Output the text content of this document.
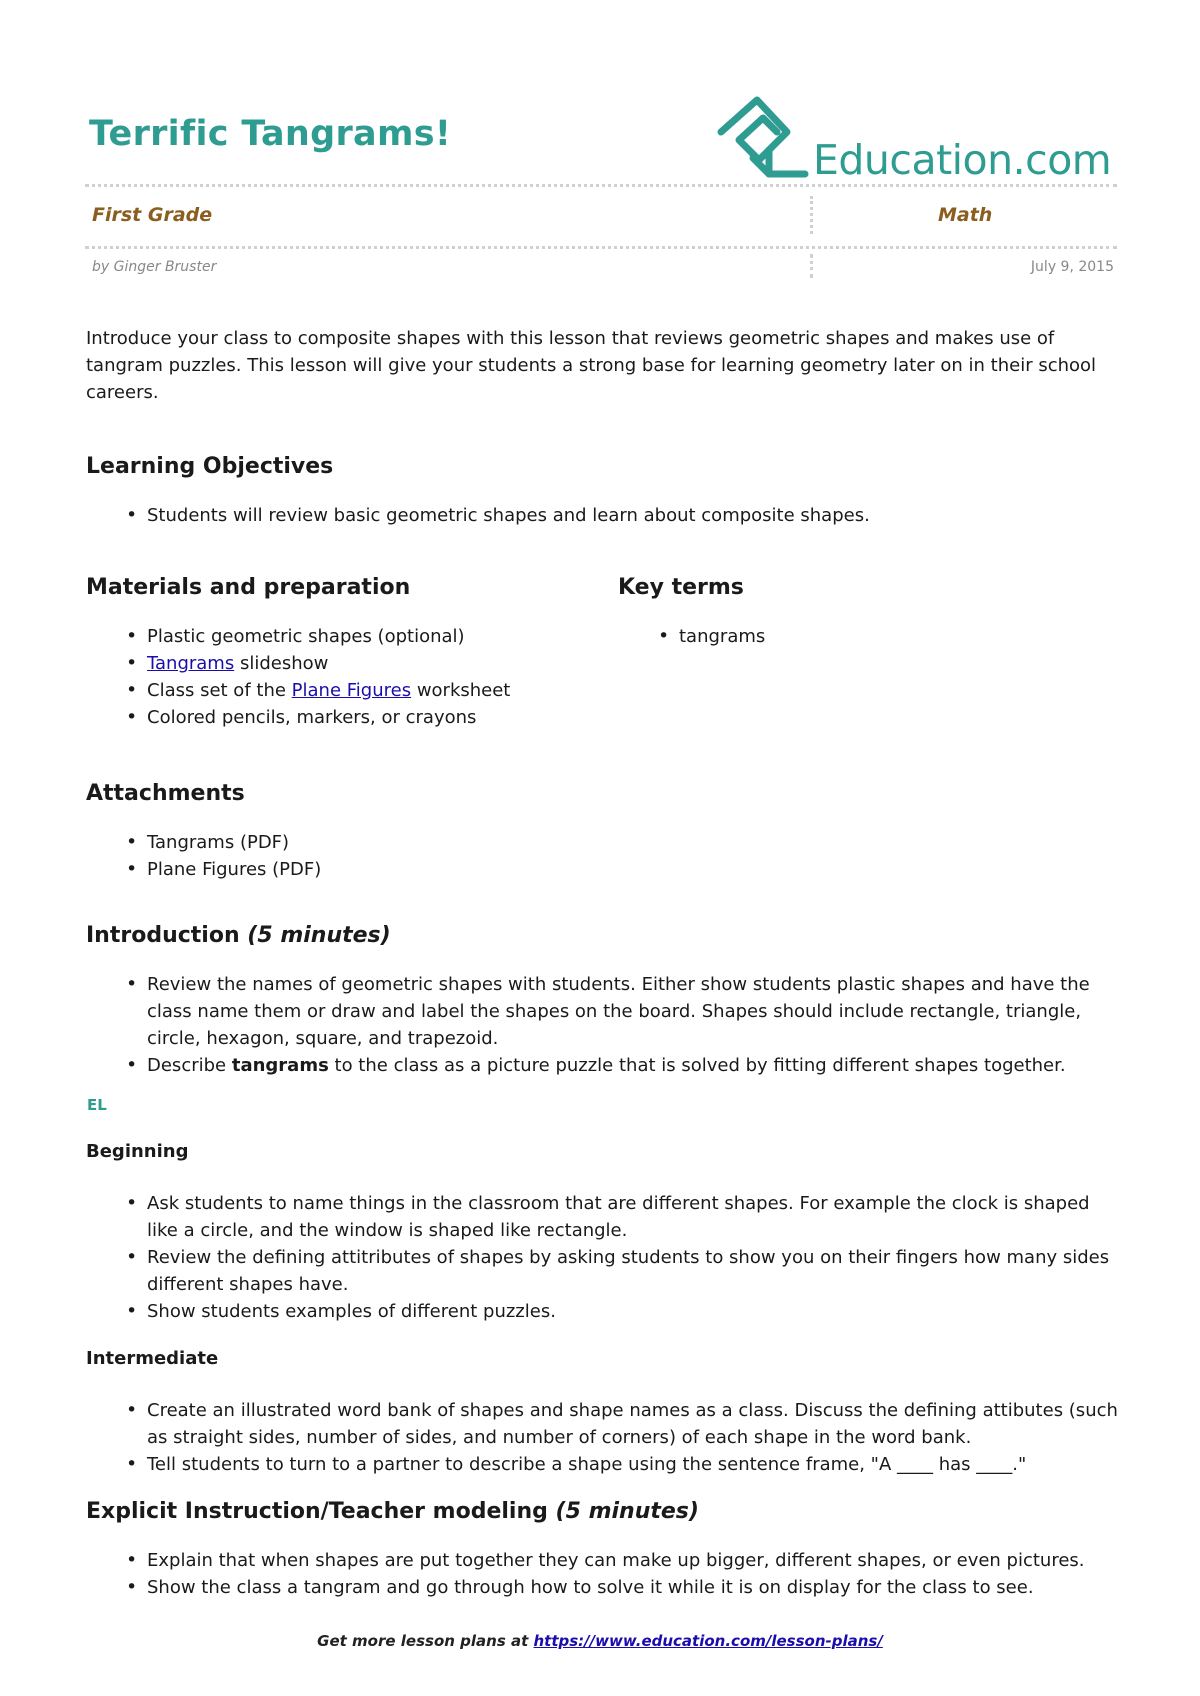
Terrific Tangrams!
Education.com
First Grade	Math
by Ginger Bruster	July 9, 2015
Introduce your class to composite shapes with this lesson that reviews geometric shapes and makes use of tangram puzzles. This lesson will give your students a strong base for learning geometry later on in their school careers.
Learning Objectives
• Students will review basic geometric shapes and learn about composite shapes.
Materials and preparation
• Plastic geometric shapes (optional)
• Tangrams slideshow
• Class set of the Plane Figures worksheet
• Colored pencils, markers, or crayons
Key terms
• tangrams
Attachments
• Tangrams (PDF)
• Plane Figures (PDF)
Introduction (5 minutes)
• Review the names of geometric shapes with students. Either show students plastic shapes and have the class name them or draw and label the shapes on the board. Shapes should include rectangle, triangle, circle, hexagon, square, and trapezoid.
• Describe tangrams to the class as a picture puzzle that is solved by fitting different shapes together.
EL
Beginning
• Ask students to name things in the classroom that are different shapes. For example the clock is shaped like a circle, and the window is shaped like rectangle.
• Review the defining attitributes of shapes by asking students to show you on their fingers how many sides different shapes have.
• Show students examples of different puzzles.
Intermediate
• Create an illustrated word bank of shapes and shape names as a class. Discuss the defining attibutes (such as straight sides, number of sides, and number of corners) of each shape in the word bank.
• Tell students to turn to a partner to describe a shape using the sentence frame, "A ____ has ____."
Explicit Instruction/Teacher modeling (5 minutes)
• Explain that when shapes are put together they can make up bigger, different shapes, or even pictures.
• Show the class a tangram and go through how to solve it while it is on display for the class to see.
Get more lesson plans at https://www.education.com/lesson-plans/
